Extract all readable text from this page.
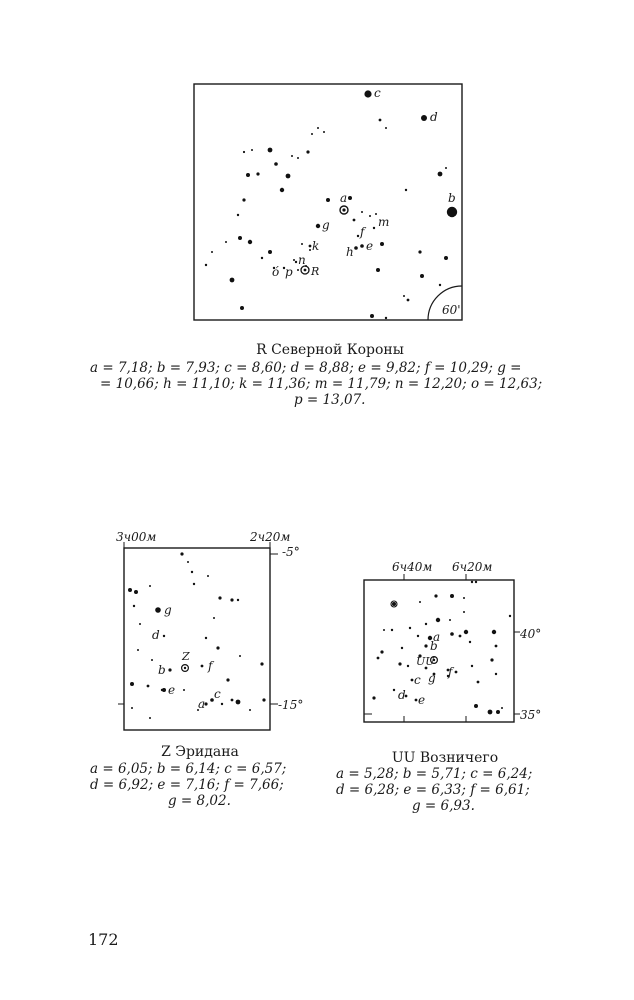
60'
c
d
b
a
g	m
f
k	e
h
n
ó p R
R Северной Короны
a = 7,18; b = 7,93; c = 8,60; d = 8,88; e = 9,82; f = 10,29; g =
= 10,66; h = 11,10; k = 11,36; m = 11,79; n = 12,20; o = 12,63;
p = 13,07.
3ч00м	2ч20м
-5°
-15°
Z
g
d
b	f
e
a
c
Z Эридана
a = 6,05; b = 6,14; c = 6,57;
d = 6,92; e = 7,16; f = 7,66;
g = 8,02.
6ч40м 6ч20м
40°
35°
UU
a
b
c g f
d e
UU Возничего
a = 5,28; b = 5,71; c = 6,24;
d = 6,28; e = 6,33; f = 6,61;
g = 6,93.
172
